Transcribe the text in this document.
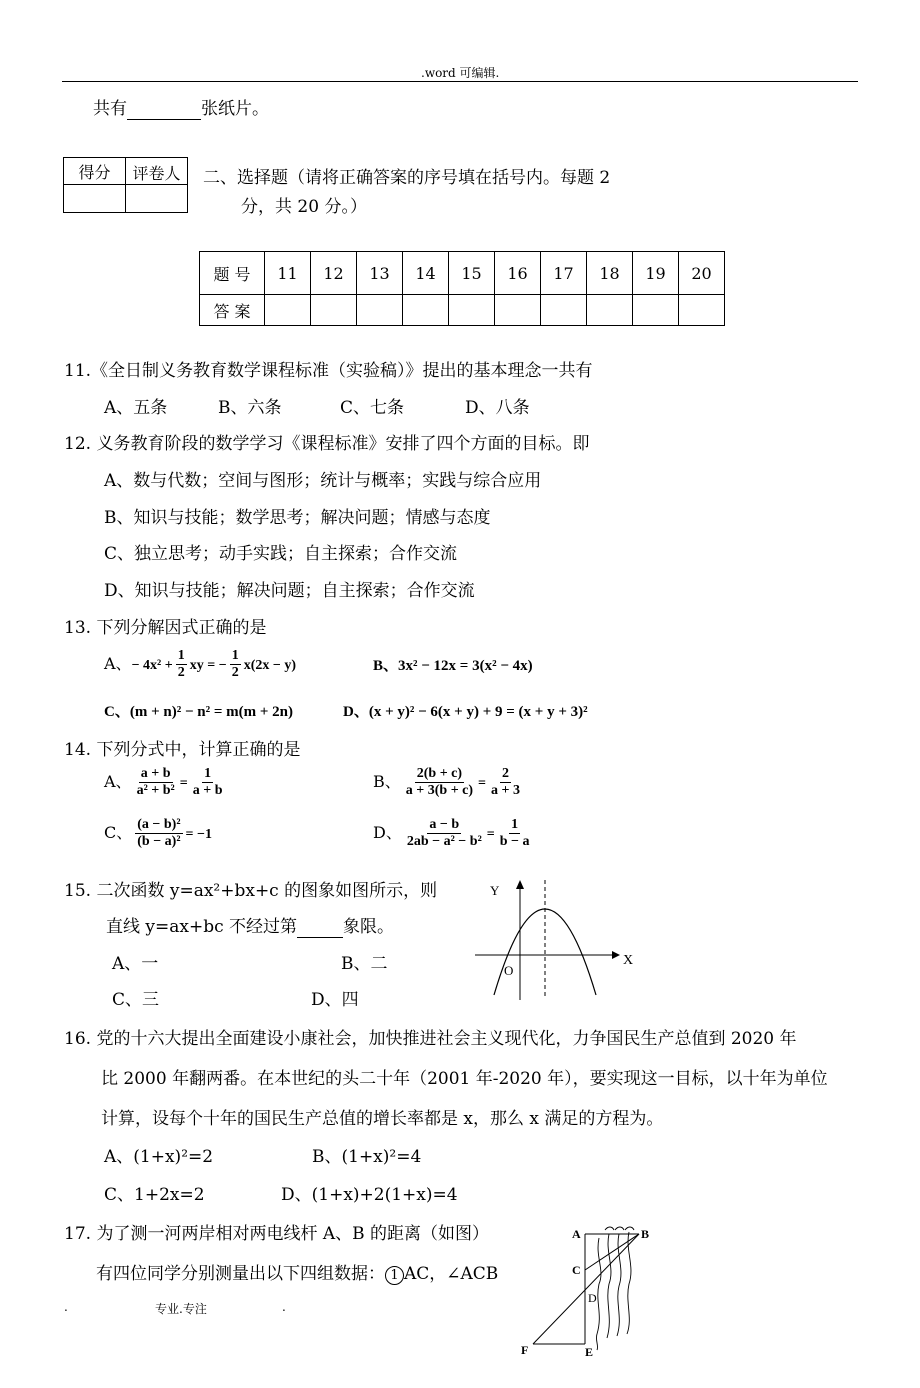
.word 可编辑.
共有	张纸片。
得分	评卷人
	二、选择题（请将正确答案的序号填在括号内。每题 2
分，共 20 分。）
题 号	11	12	13	14	15	16	17	18	19	20
答 案										
11.《全日制义务教育数学课程标准（实验稿）》提出的基本理念一共有
A、五条	B、六条	C、七条	D、八条
12. 义务教育阶段的数学学习《课程标准》安排了四个方面的目标。即
A、数与代数；空间与图形；统计与概率；实践与综合应用
B、知识与技能；数学思考；解决问题；情感与态度
C、独立思考；动手实践；自主探索；合作交流
D、知识与技能；解决问题；自主探索；合作交流
13. 下列分解因式正确的是
A、− $4x^2 + \frac{1}{2}$ xy = − $\frac{1}{2} x(2x - y)$	B、3x² − 12x = 3(x² − 4x)
C、(m + n)² − n² = m(m + 2n)	D、(x + y)² − 6(x + y) + 9 = (x + y + 3)²
14. 下列分式中，计算正确的是
A、 $\frac{a + b}{\text{a² + b²}} = \frac{1}{a + b}$	B、 $\frac{2(b + c)}{a + 3(b + c)} = \frac{2}{a + 3}$
C、 $\frac{\text{(a − b)²}}{\text{(b − a)²}} = -1$	D、 $\frac{a - b}{\text{2ab − a² − b²}} = \frac{1}{b - a}$
15. 二次函数 y=ax²+bx+c 的图象如图所示，则
直线 y=ax+bc 不经过第	象限。
A、一	B、二
C、三	D、四
Y
X
O
16. 党的十六大提出全面建设小康社会，加快推进社会主义现代化，力争国民生产总值到 2020 年
比 2000 年翻两番。在本世纪的头二十年（2001 年-2020 年），要实现这一目标，以十年为单位
计算，设每个十年的国民生产总值的增长率都是 x，那么 x 满足的方程为。
A、(1+x)²=2	B、(1+x)²=4
C、1+2x=2	D、(1+x)+2(1+x)=4
17. 为了测一河两岸相对两电线杆 A、B 的距离（如图）
有四位同学分别测量出以下四组数据： 1 AC，∠ACB
A	B
C
D
E
F
.	专业.专注	.
